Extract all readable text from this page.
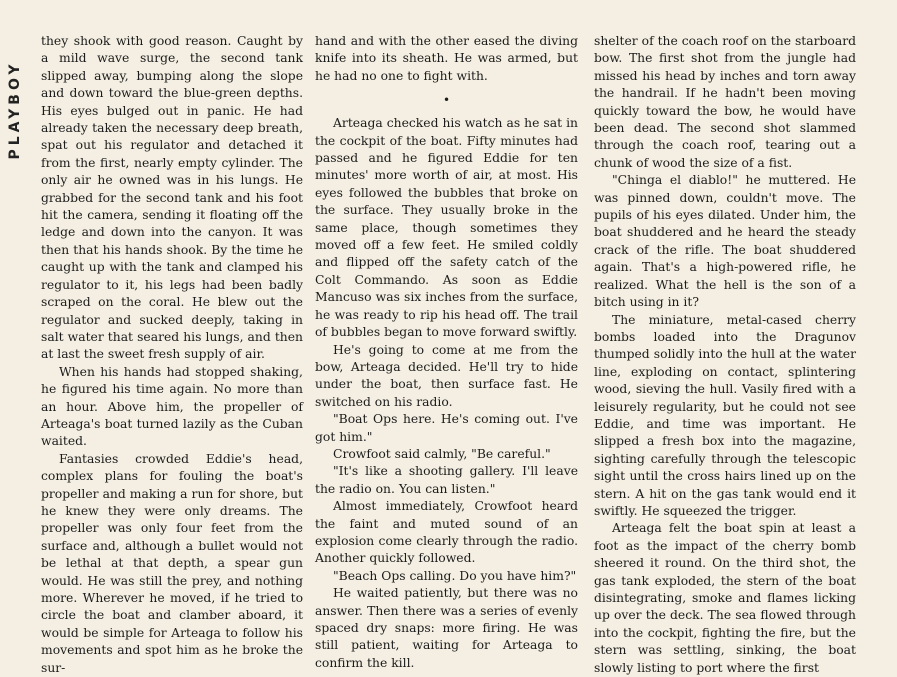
PLAYBOY

they shook with good reason. Caught by a mild wave surge, the second tank slipped away, bumping along the slope and down toward the blue-green depths. His eyes bulged out in panic. He had already taken the necessary deep breath, spat out his regulator and detached it from the first, nearly empty cylinder. The only air he owned was in his lungs. He grabbed for the second tank and his foot hit the camera, sending it floating off the ledge and down into the canyon. It was then that his hands shook. By the time he caught up with the tank and clamped his regulator to it, his legs had been badly scraped on the coral. He blew out the regulator and sucked deeply, taking in salt water that seared his lungs, and then at last the sweet fresh supply of air.

When his hands had stopped shaking, he figured his time again. No more than an hour. Above him, the propeller of Arteaga's boat turned lazily as the Cuban waited.

Fantasies crowded Eddie's head, complex plans for fouling the boat's propeller and making a run for shore, but he knew they were only dreams. The propeller was only four feet from the surface and, although a bullet would not be lethal at that depth, a spear gun would. He was still the prey, and nothing more. Wherever he moved, if he tried to circle the boat and clamber aboard, it would be simple for Arteaga to follow his movements and spot him as he broke the sur-

hand and with the other eased the diving knife into its sheath. He was armed, but he had no one to fight with.

•

Arteaga checked his watch as he sat in the cockpit of the boat. Fifty minutes had passed and he figured Eddie for ten minutes' more worth of air, at most. His eyes followed the bubbles that broke on the surface. They usually broke in the same place, though sometimes they moved off a few feet. He smiled coldly and flipped off the safety catch of the Colt Commando. As soon as Eddie Mancuso was six inches from the surface, he was ready to rip his head off. The trail of bubbles began to move forward swiftly.

He's going to come at me from the bow, Arteaga decided. He'll try to hide under the boat, then surface fast. He switched on his radio.

"Boat Ops here. He's coming out. I've got him."

Crowfoot said calmly, "Be careful."

"It's like a shooting gallery. I'll leave the radio on. You can listen."

Almost immediately, Crowfoot heard the faint and muted sound of an explosion come clearly through the radio. Another quickly followed.

"Beach Ops calling. Do you have him?"

He waited patiently, but there was no answer. Then there was a series of evenly spaced dry snaps: more firing. He was still patient, waiting for Arteaga to confirm the kill.

shelter of the coach roof on the starboard bow. The first shot from the jungle had missed his head by inches and torn away the handrail. If he hadn't been moving quickly toward the bow, he would have been dead. The second shot slammed through the coach roof, tearing out a chunk of wood the size of a fist.

"Chinga el diablo!" he muttered. He was pinned down, couldn't move. The pupils of his eyes dilated. Under him, the boat shuddered and he heard the steady crack of the rifle. The boat shuddered again. That's a high-powered rifle, he realized. What the hell is the son of a bitch using in it?

The miniature, metal-cased cherry bombs loaded into the Dragunov thumped solidly into the hull at the water line, exploding on contact, splintering wood, sieving the hull. Vasily fired with a leisurely regularity, but he could not see Eddie, and time was important. He slipped a fresh box into the magazine, sighting carefully through the telescopic sight until the cross hairs lined up on the stern. A hit on the gas tank would end it swiftly. He squeezed the trigger.

Arteaga felt the boat spin at least a foot as the impact of the cherry bomb sheered it round. On the third shot, the gas tank exploded, the stern of the boat disintegrating, smoke and flames licking up over the deck. The sea flowed through into the cockpit, fighting the fire, but the stern was settling, sinking, the boat slowly listing to port where the first
